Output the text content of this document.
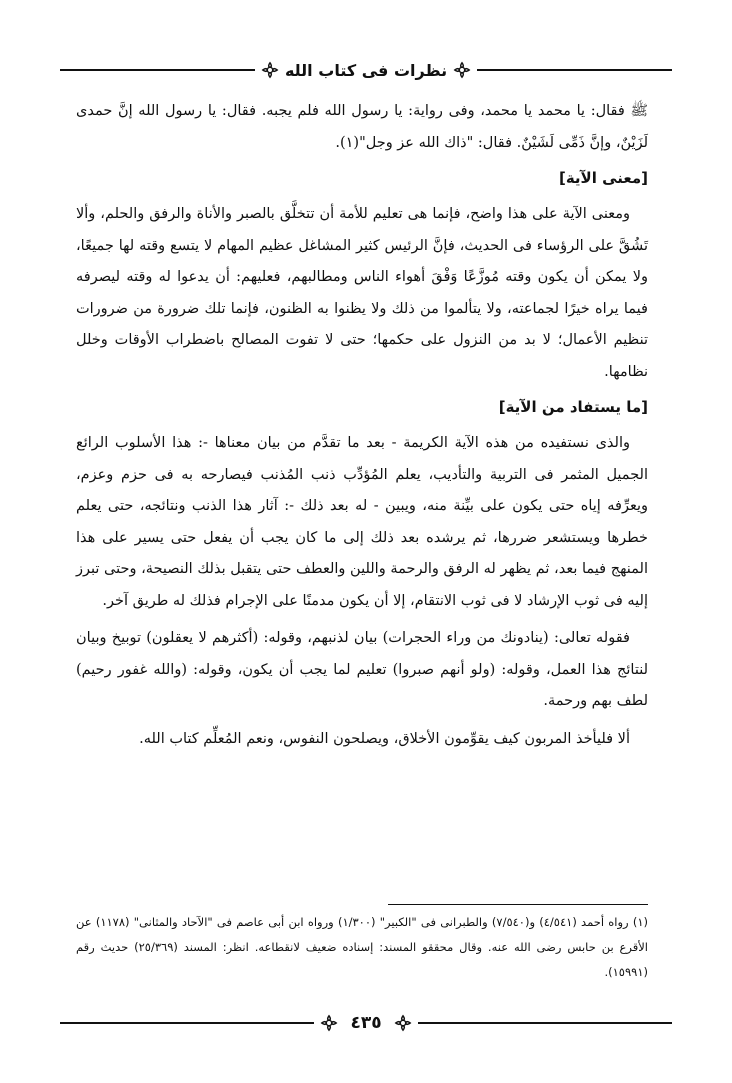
نظرات فى كتاب الله

ﷺ فقال: يا محمد يا محمد، وفى رواية: يا رسول الله فلم يجبه. فقال: يا رسول الله إنَّ حمدى لَزَيْنٌ، وإنَّ ذَمِّى لَشَيْنٌ. فقال: "ذاك الله عز وجل"(١).

[معنى الآية]

ومعنى الآية على هذا واضح، فإنما هى تعليم للأمة أن تتخلَّق بالصبر والأناة والرفق والحلم، وألا تَشُقَّ على الرؤساء فى الحديث، فإنَّ الرئيس كثير المشاغل عظيم المهام لا يتسع وقته لها جميعًا، ولا يمكن أن يكون وقته مُوزَّعًا وَفْقَ أهواء الناس ومطالبهم، فعليهم: أن يدعوا له وقته ليصرفه فيما يراه خيرًا لجماعته، ولا يتألموا من ذلك ولا يظنوا به الظنون، فإنما تلك ضرورة من ضرورات تنظيم الأعمال؛ لا بد من النزول على حكمها؛ حتى لا تفوت المصالح باضطراب الأوقات وخلل نظامها.

[ما يستفاد من الآية]

والذى نستفيده من هذه الآية الكريمة - بعد ما تقدَّم من بيان معناها -: هذا الأسلوب الرائع الجميل المثمر فى التربية والتأديب، يعلم المُؤدِّب ذنب المُذنب فيصارحه به فى حزم وعزم، ويعرِّفه إياه حتى يكون على بيِّنة منه، ويبين - له بعد ذلك -: آثار هذا الذنب ونتائجه، حتى يعلم خطرها ويستشعر ضررها، ثم يرشده بعد ذلك إلى ما كان يجب أن يفعل حتى يسير على هذا المنهج فيما بعد، ثم يظهر له الرفق والرحمة واللين والعطف حتى يتقبل بذلك النصيحة، وحتى تبرز إليه فى ثوب الإرشاد لا فى ثوب الانتقام، إلا أن يكون مدمنًا على الإجرام فذلك له طريق آخر.

فقوله تعالى: (ينادونك من وراء الحجرات) بيان لذنبهم، وقوله: (أكثرهم لا يعقلون) توبيخ وبيان لنتائج هذا العمل، وقوله: (ولو أنهم صبروا) تعليم لما يجب أن يكون، وقوله: (والله غفور رحيم) لطف بهم ورحمة.

ألا فليأخذ المربون كيف يقوِّمون الأخلاق، ويصلحون النفوس، ونعم المُعلِّم كتاب الله.

(١) رواه أحمد (٤/٥٤١) و(٧/٥٤٠) والطبرانى فى "الكبير" (١/٣٠٠) ورواه ابن أبى عاصم فى "الآحاد والمثانى" (١١٧٨) عن الأقرع بن حابس رضى الله عنه. وقال محققو المسند: إسناده ضعيف لانقطاعه. انظر: المسند (٢٥/٣٦٩) حديث رقم (١٥٩٩١).

٤٣٥
